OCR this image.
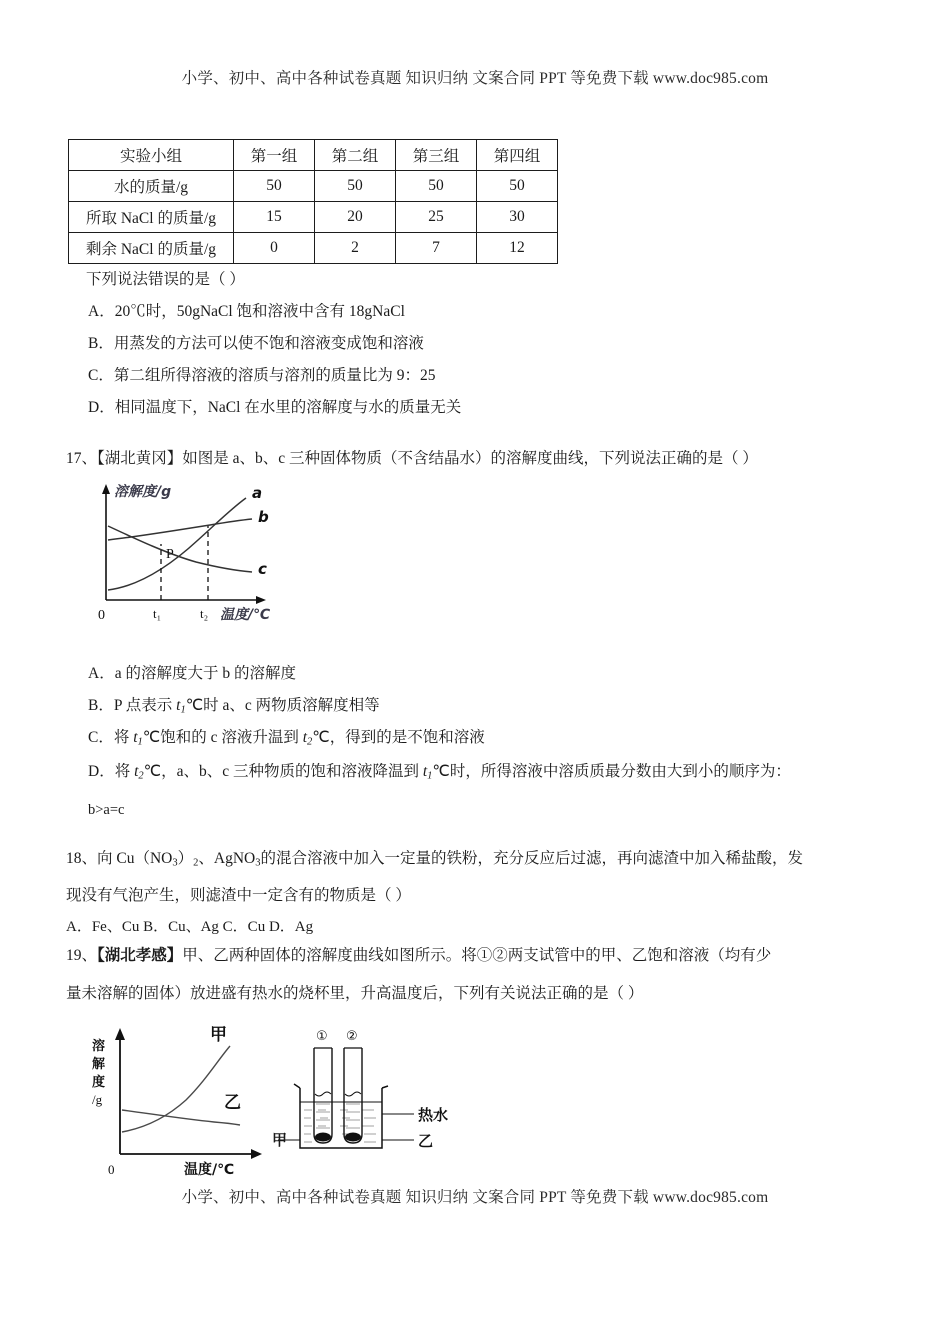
小学、初中、高中各种试卷真题 知识归纳 文案合同 PPT 等免费下载 www.doc985.com
实验小组	第一组	第二组	第三组	第四组
水的质量/g	50	50	50	50
所取 NaCl 的质量/g	15	20	25	30
剩余 NaCl 的质量/g	0	2	7	12
下列说法错误的是（ ）
A．20℃时，50gNaCl 饱和溶液中含有 18gNaCl
B．用蒸发的方法可以使不饱和溶液变成饱和溶液
C．第二组所得溶液的溶质与溶剂的质量比为 9：25
D．相同温度下，NaCl 在水里的溶解度与水的质量无关
17、【湖北黄冈】如图是 a、b、c 三种固体物质（不含结晶水）的溶解度曲线，下列说法正确的是（ ）
a
b
c
P
溶解度/g
0	t₁	t₂ 温度/℃
A．a 的溶解度大于 b 的溶解度
B．P 点表示 $t_1℃$时 a、c 两物质溶解度相等
C．将 $t_1℃$饱和的 c 溶液升温到 $t_2℃$，得到的是不饱和溶液
D．将 $t_2℃$，a、b、c 三种物质的饱和溶液降温到 $t_1℃$时，所得溶液中溶质质最分数由大到小的顺序为：
b>a=c
18、向 $Cu(NO_3)_2$、AgNO$_3$的混合溶液中加入一定量的铁粉，充分反应后过滤，再向滤渣中加入稀盐酸，发
现没有气泡产生，则滤渣中一定含有的物质是（ ）
A．Fe、Cu B．Cu、Ag C．Cu D．Ag
19、【湖北孝感】甲、乙两种固体的溶解度曲线如图所示。将①②两支试管中的甲、乙饱和溶液（均有少
量未溶解的固体）放进盛有热水的烧杯里，升高温度后，下列有关说法正确的是（ ）
甲
乙
溶
解
度
/g
0	温度/℃
① ②
热水
乙
甲
小学、初中、高中各种试卷真题 知识归纳 文案合同 PPT 等免费下载 www.doc985.com
